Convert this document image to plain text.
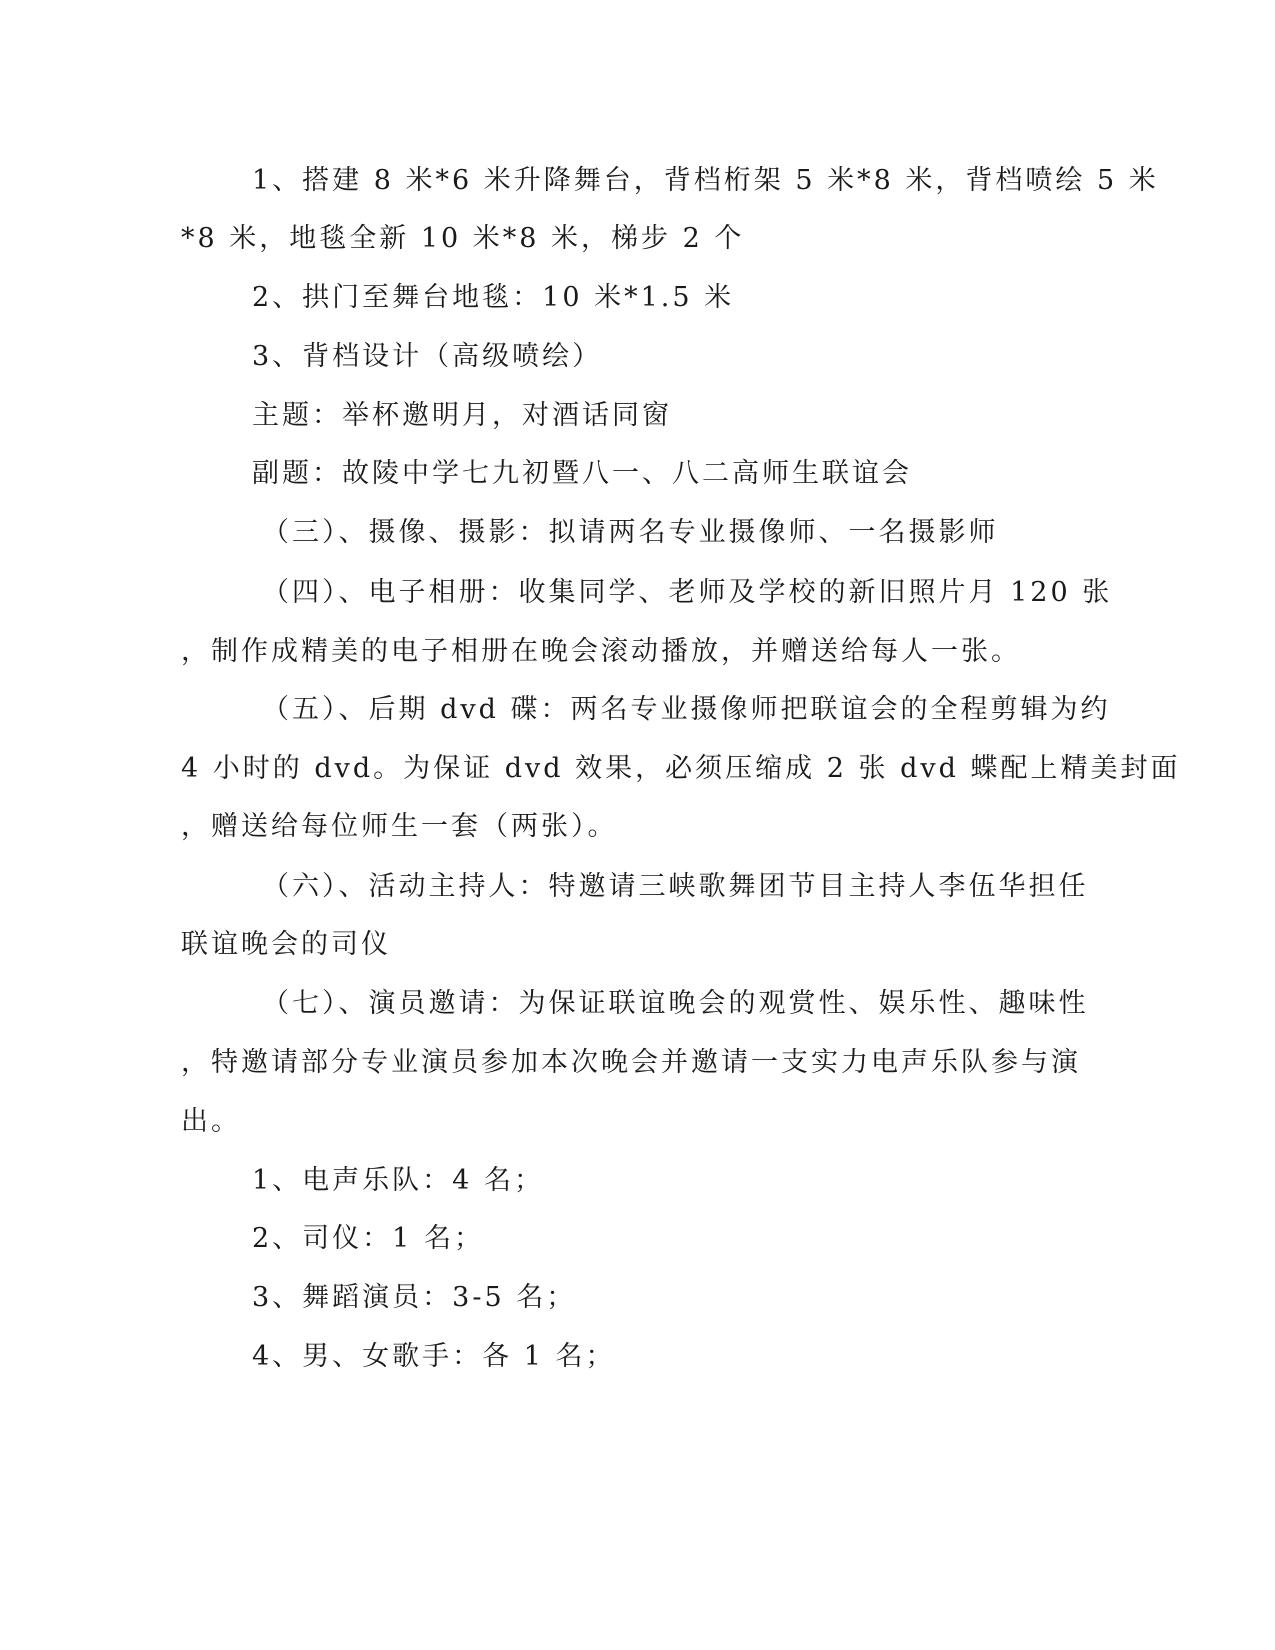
1、搭建 8 米*6 米升降舞台，背档桁架 5 米*8 米，背档喷绘 5 米
*8 米，地毯全新 10 米*8 米，梯步 2 个
2、拱门至舞台地毯：10 米*1.5 米
3、背档设计（高级喷绘）
主题：举杯邀明月，对酒话同窗
副题：故陵中学七九初暨八一、八二高师生联谊会
（三）、摄像、摄影：拟请两名专业摄像师、一名摄影师
（四）、电子相册：收集同学、老师及学校的新旧照片月 120 张
，制作成精美的电子相册在晚会滚动播放，并赠送给每人一张。
（五）、后期 dvd 碟：两名专业摄像师把联谊会的全程剪辑为约
4 小时的 dvd。为保证 dvd 效果，必须压缩成 2 张 dvd 蝶配上精美封面
，赠送给每位师生一套（两张）。
（六）、活动主持人：特邀请三峡歌舞团节目主持人李伍华担任
联谊晚会的司仪
（七）、演员邀请：为保证联谊晚会的观赏性、娱乐性、趣味性
，特邀请部分专业演员参加本次晚会并邀请一支实力电声乐队参与演
出。
1、电声乐队：4 名；
2、司仪：1 名；
3、舞蹈演员：3-5 名；
4、男、女歌手：各 1 名；
